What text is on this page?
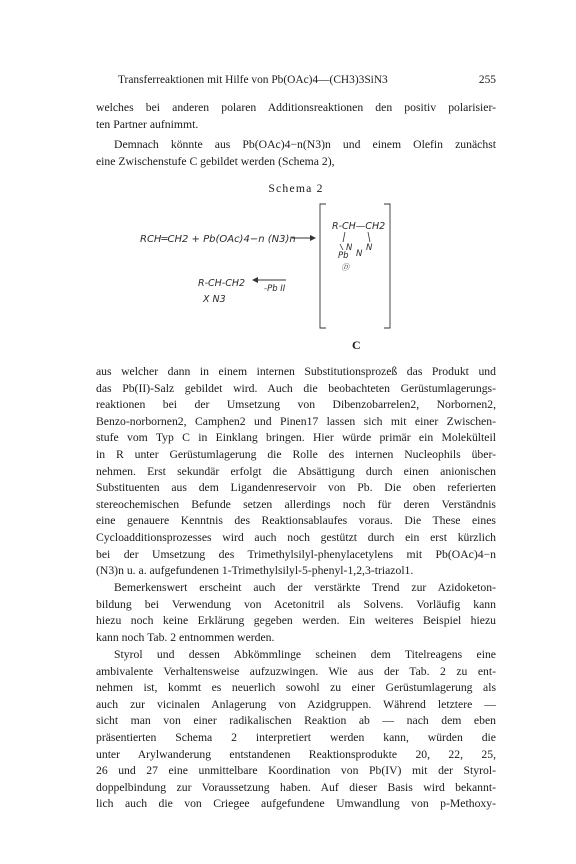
Transferreaktionen mit Hilfe von Pb(OAc)4—(CH3)3SiN3	255
welches bei anderen polaren Additionsreaktionen den positiv polarisier-
ten Partner aufnimmt.
Demnach könnte aus Pb(OAc)4−n(N3)n und einem Olefin zunächst
eine Zwischenstufe C gebildet werden (Schema 2),
Schema 2
RCH═CH2 + Pb(OAc)4−n (N3)n
R-CH—CH2
N
N
N
Pb
Ⓓ
-Pb II
R-CH-CH2
X N3
C
aus welcher dann in einem internen Substitutionsprozeß das Produkt und
das Pb(II)-Salz gebildet wird. Auch die beobachteten Gerüstumlagerungs-
reaktionen bei der Umsetzung von Dibenzobarrelen2, Norbornen2,
Benzo-norbornen2, Camphen2 und Pinen17 lassen sich mit einer Zwischen-
stufe vom Typ C in Einklang bringen. Hier würde primär ein Molekülteil
in R unter Gerüstumlagerung die Rolle des internen Nucleophils über-
nehmen. Erst sekundär erfolgt die Absättigung durch einen anionischen
Substituenten aus dem Ligandenreservoir von Pb. Die oben referierten
stereochemischen Befunde setzen allerdings noch für deren Verständnis
eine genauere Kenntnis des Reaktionsablaufes voraus. Die These eines
Cycloadditionsprozesses wird auch noch gestützt durch ein erst kürzlich
bei der Umsetzung des Trimethylsilyl-phenylacetylens mit Pb(OAc)4−n
(N3)n u. a. aufgefundenen 1-Trimethylsilyl-5-phenyl-1,2,3-triazol1.
Bemerkenswert erscheint auch der verstärkte Trend zur Azidoketon-
bildung bei Verwendung von Acetonitril als Solvens. Vorläufig kann
hiezu noch keine Erklärung gegeben werden. Ein weiteres Beispiel hiezu
kann noch Tab. 2 entnommen werden.
Styrol und dessen Abkömmlinge scheinen dem Titelreagens eine
ambivalente Verhaltensweise aufzuzwingen. Wie aus der Tab. 2 zu ent-
nehmen ist, kommt es neuerlich sowohl zu einer Gerüstumlagerung als
auch zur vicinalen Anlagerung von Azidgruppen. Während letztere —
sicht man von einer radikalischen Reaktion ab — nach dem eben
präsentierten Schema 2 interpretiert werden kann, würden die
unter Arylwanderung entstandenen Reaktionsprodukte 20, 22, 25,
26 und 27 eine unmittelbare Koordination von Pb(IV) mit der Styrol-
doppelbindung zur Voraussetzung haben. Auf dieser Basis wird bekannt-
lich auch die von Criegee aufgefundene Umwandlung von p-Methoxy-
